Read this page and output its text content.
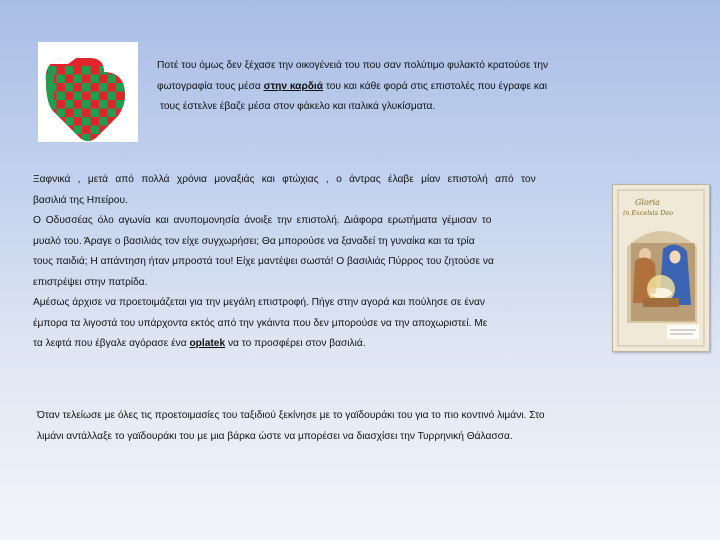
Ποτέ του όμως δεν ξέχασε την οικογένειά του που σαν πολύτιμο φυλακτό κρατούσε την

φωτογραφία τους μέσα στην καρδιά του και κάθε φορά στις επιστολές που έγραφε και

τους έστελνε έβαζε μέσα στον φάκελο και ιταλικά γλυκίσματα.

Ξαφνικά , μετά από πολλά χρόνια μοναξιάς και φτώχιας , ο άντρας έλαβε μίαν επιστολή από τον

βασιλιά της Ηπείρου.

Ο Οδυσσέας όλο αγωνία και ανυπομονησία άνοιξε την επιστολή. Διάφορα ερωτήματα γέμισαν το

μυαλό του. Άραγε ο βασιλιάς τον είχε συγχωρήσει; Θα μπορούσε να ξαναδεί τη γυναίκα και τα τρία

τους παιδιά; Η απάντηση ήταν μπροστά του! Είχε μαντέψει σωστά! Ο βασιλιάς Πύρρος του ζητούσε να

επιστρέψει στην πατρίδα.

Αμέσως άρχισε να προετοιμάζεται για την μεγάλη επιστροφή. Πήγε στην αγορά και πούλησε σε έναν

έμπορα τα λιγοστά του υπάρχοντα εκτός από την γκάιντα που δεν μπορούσε να την αποχωριστεί. Με

τα λεφτά που έβγαλε αγόρασε ένα oplatek να το προσφέρει στον βασιλιά.

Όταν τελείωσε με όλες τις προετοιμασίες του ταξιδιού ξεκίνησε με το γαϊδουράκι του για το πιο κοντινό λιμάνι. Στο

λιμάνι αντάλλαξε το γαϊδουράκι του με μια βάρκα ώστε να μπορέσει να διασχίσει την Τυρρηνική Θάλασσα.

Gloria
in Excelsis Deo
